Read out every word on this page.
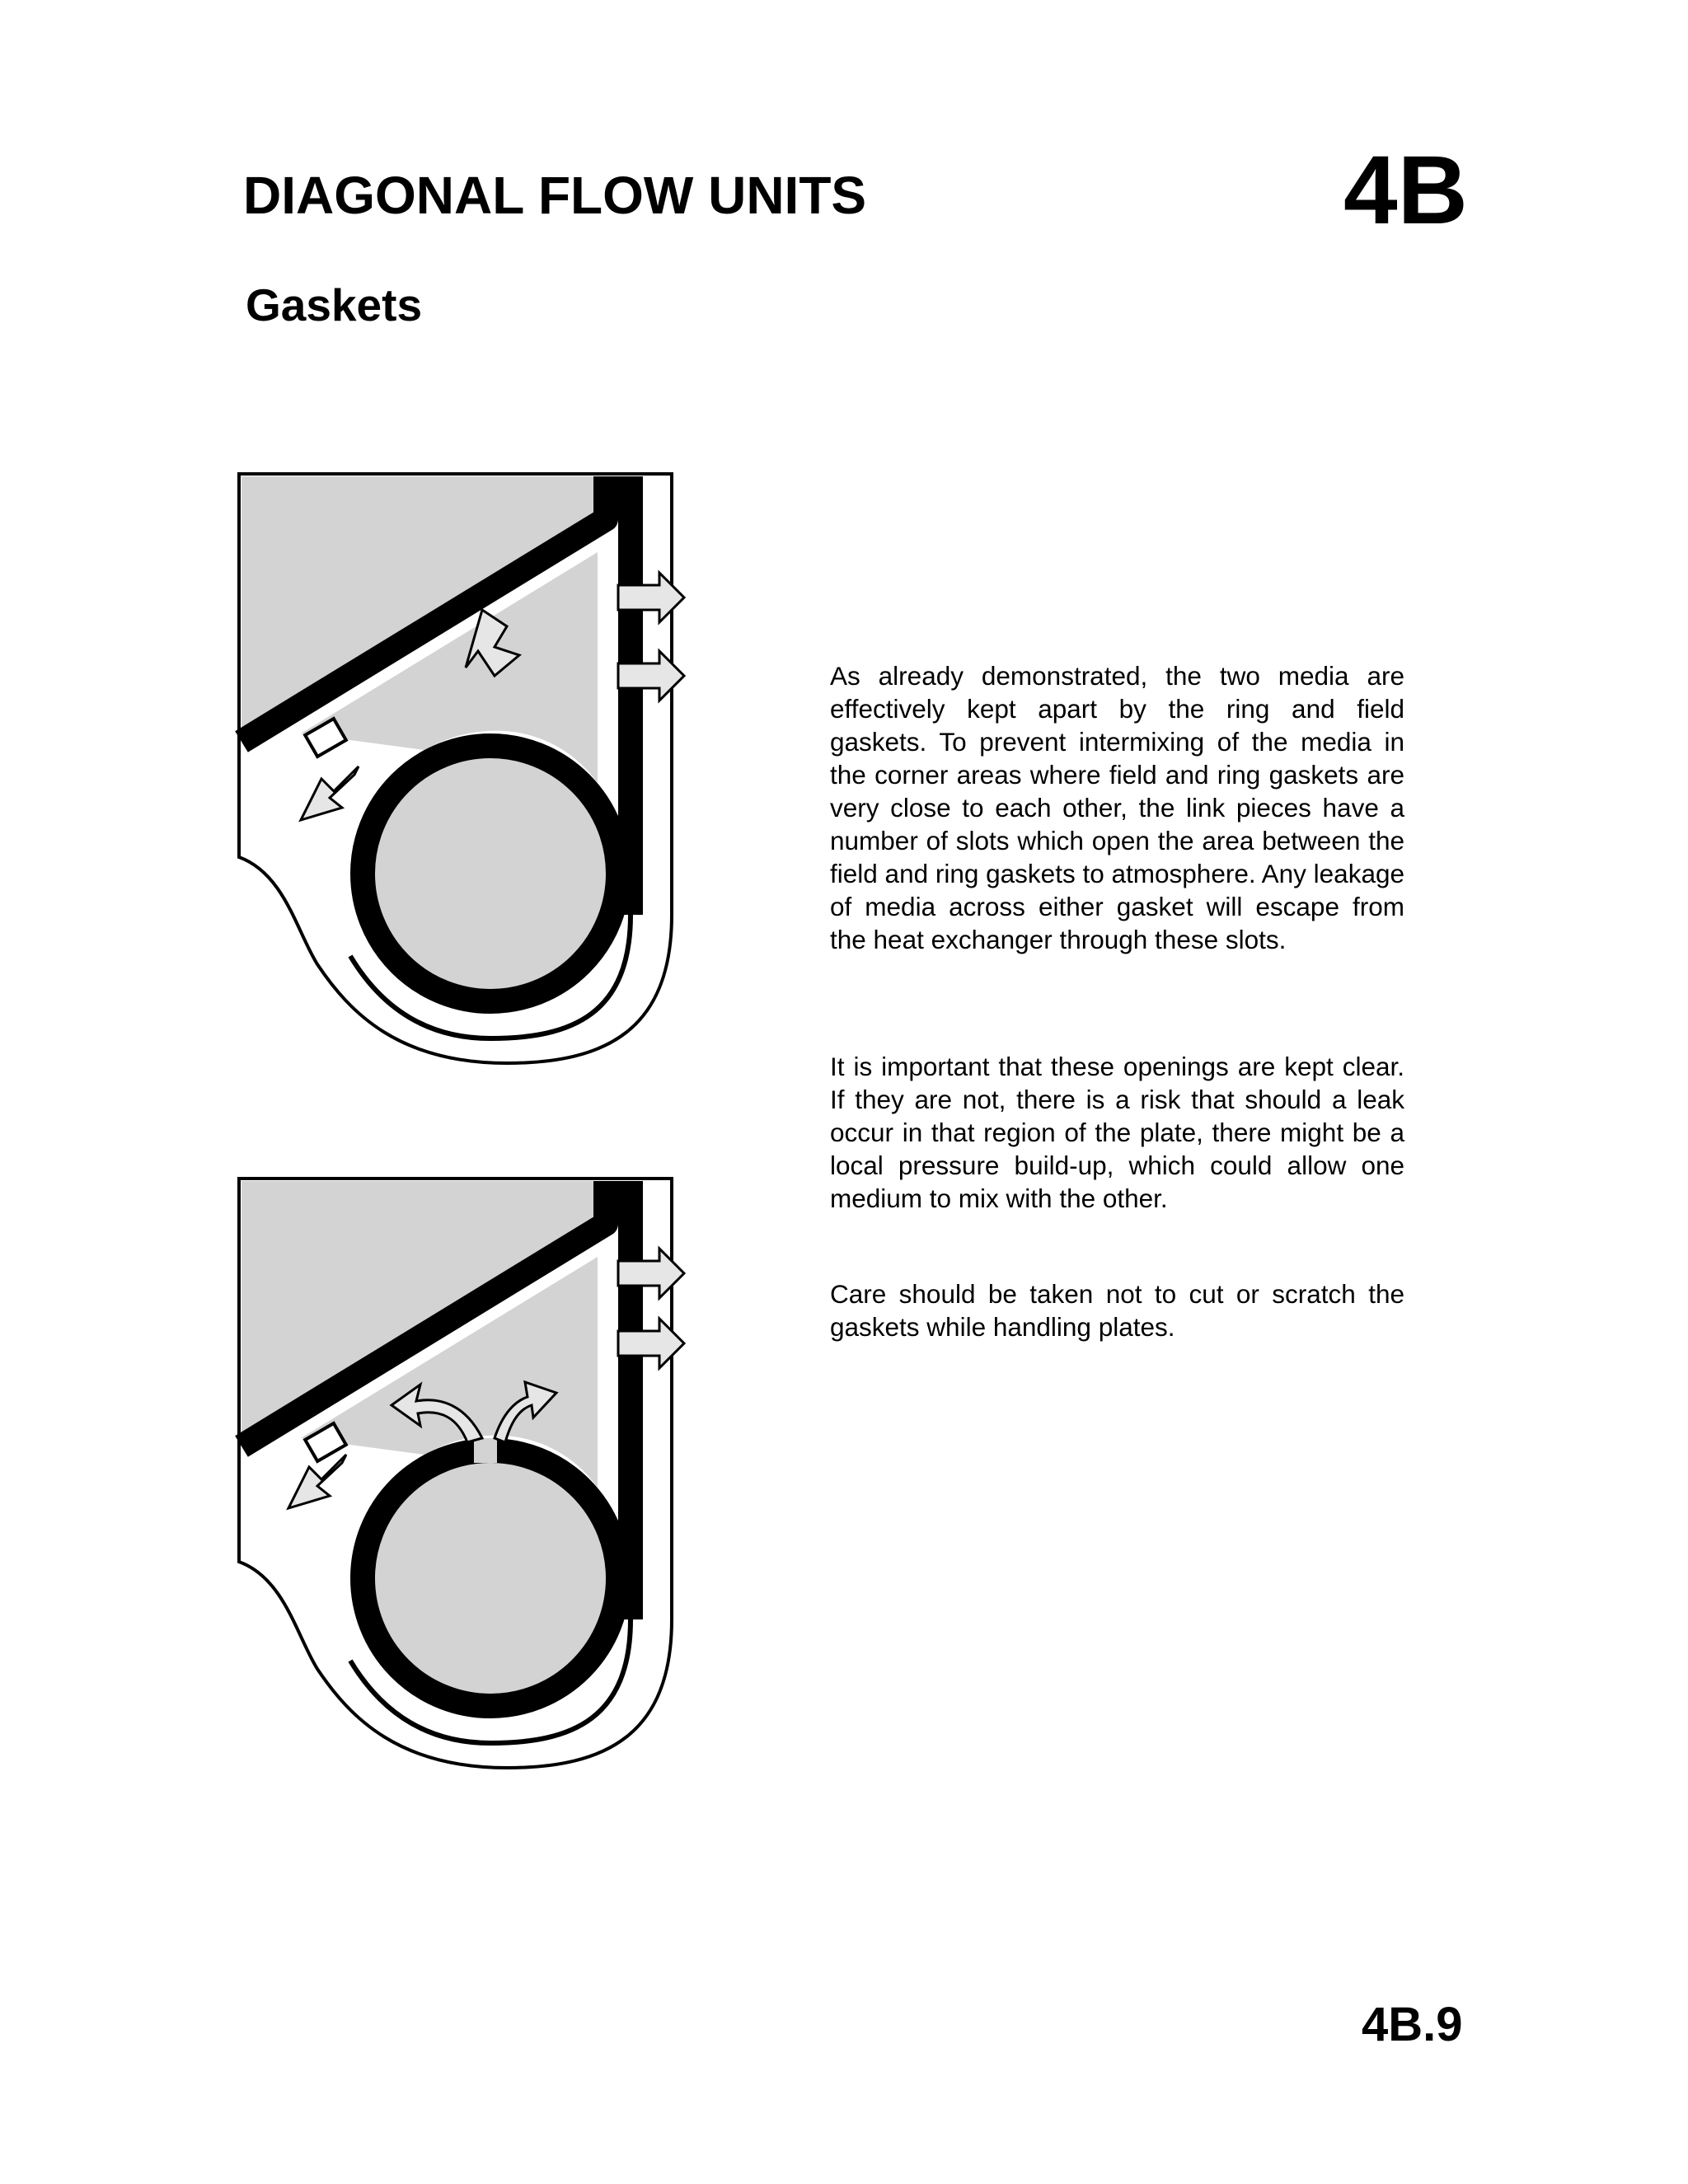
DIAGONAL FLOW UNITS	4B
Gaskets

As already demonstrated, the two media are effectively kept apart by the ring and field gaskets. To prevent intermixing of the media in the corner areas where field and ring gaskets are very close to each other, the link pieces have a number of slots which open the area between the field and ring gaskets to atmosphere. Any leakage of media across either gasket will escape from the heat exchanger through these slots.

It is important that these openings are kept clear. If they are not, there is a risk that should a leak occur in that region of the plate, there might be a local pressure build-up, which could allow one medium to mix with the other.

Care should be taken not to cut or scratch the gaskets while handling plates.

4B.9
